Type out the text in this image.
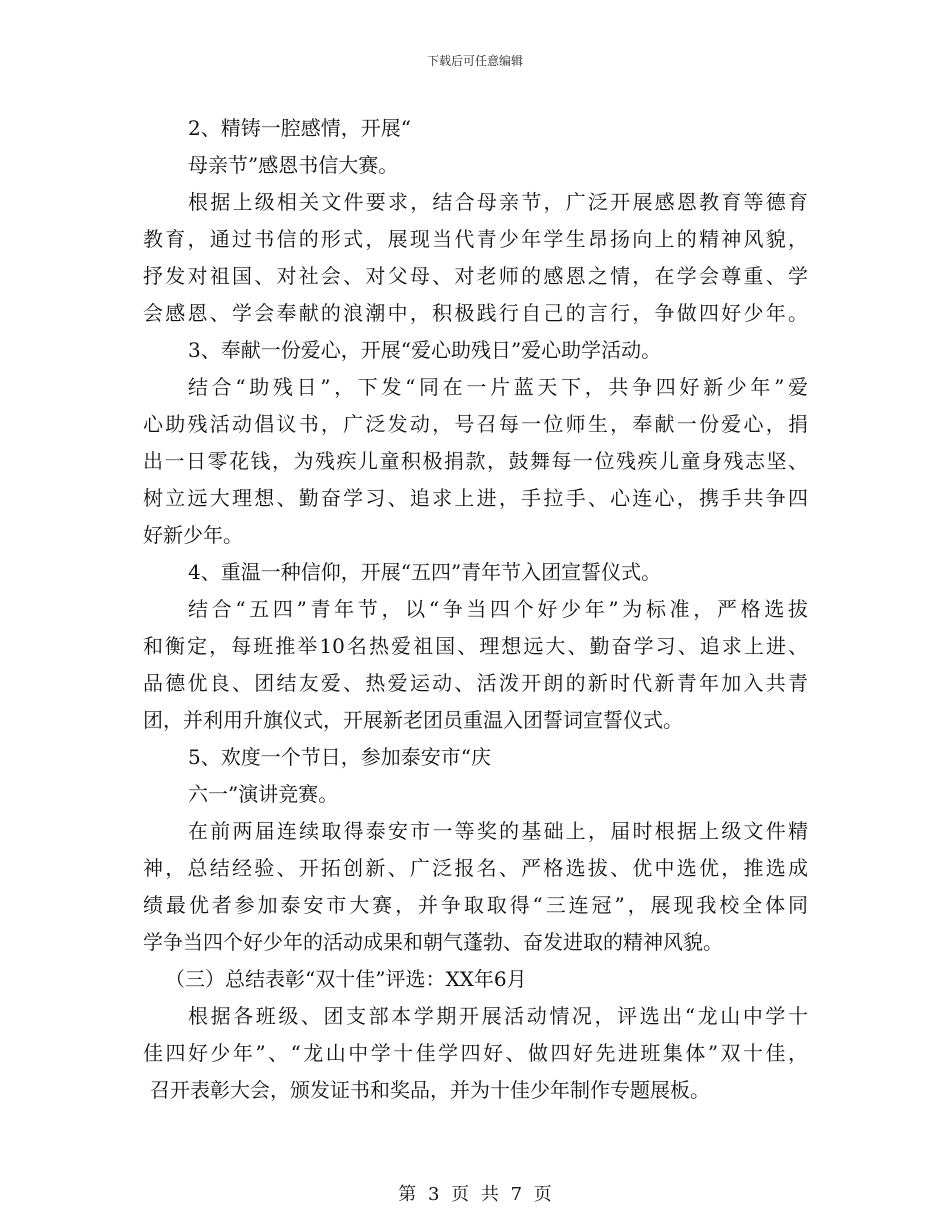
下载后可任意编辑
2、精铸一腔感情，开展“
母亲节”感恩书信大赛。
根据上级相关文件要求，结合母亲节，广泛开展感恩教育等德育
教育，通过书信的形式，展现当代青少年学生昂扬向上的精神风貌，
抒发对祖国、对社会、对父母、对老师的感恩之情，在学会尊重、学
会感恩、学会奉献的浪潮中，积极践行自己的言行，争做四好少年。
3、奉献一份爱心，开展“爱心助残日”爱心助学活动。
结合“助残日”，下发“同在一片蓝天下，共争四好新少年”爱
心助残活动倡议书，广泛发动，号召每一位师生，奉献一份爱心，捐
出一日零花钱，为残疾儿童积极捐款，鼓舞每一位残疾儿童身残志坚、
树立远大理想、勤奋学习、追求上进，手拉手、心连心，携手共争四
好新少年。
4、重温一种信仰，开展“五四”青年节入团宣誓仪式。
结合“五四”青年节，以“争当四个好少年”为标准，严格选拔
和衡定，每班推举10名热爱祖国、理想远大、勤奋学习、追求上进、
品德优良、团结友爱、热爱运动、活泼开朗的新时代新青年加入共青
团，并利用升旗仪式，开展新老团员重温入团誓词宣誓仪式。
5、欢度一个节日，参加泰安市“庆
六一”演讲竞赛。
在前两届连续取得泰安市一等奖的基础上，届时根据上级文件精
神，总结经验、开拓创新、广泛报名、严格选拔、优中选优，推选成
绩最优者参加泰安市大赛，并争取取得“三连冠”，展现我校全体同
学争当四个好少年的活动成果和朝气蓬勃、奋发进取的精神风貌。
（三）总结表彰“双十佳”评选：XX年6月
根据各班级、团支部本学期开展活动情况，评选出“龙山中学十
佳四好少年”、“龙山中学十佳学四好、做四好先进班集体”双十佳，
召开表彰大会，颁发证书和奖品，并为十佳少年制作专题展板。
第 3 页 共 7 页
